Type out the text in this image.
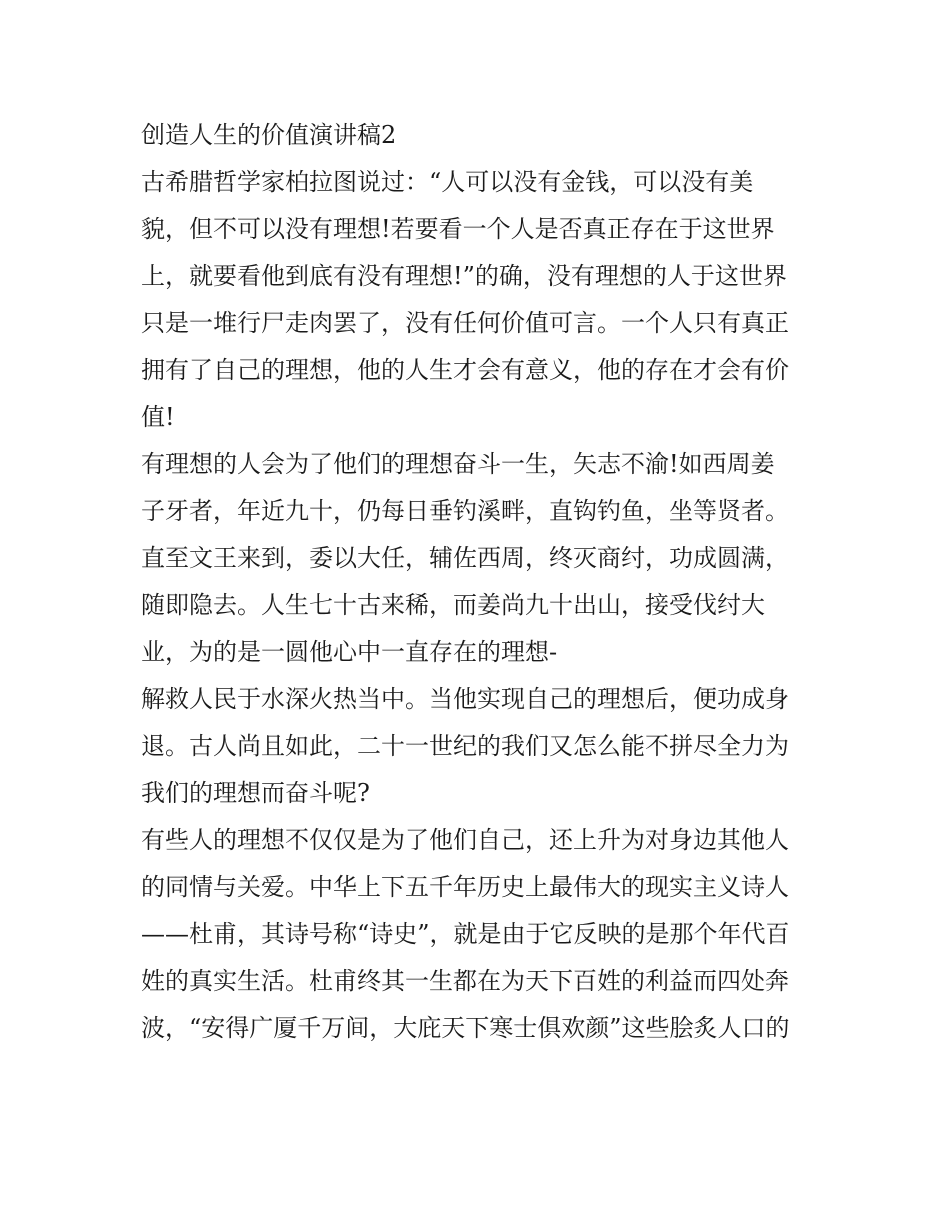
创造人生的价值演讲稿2
古希腊哲学家柏拉图说过：“人可以没有金钱，可以没有美
貌，但不可以没有理想!若要看一个人是否真正存在于这世界
上，就要看他到底有没有理想!”的确，没有理想的人于这世界
只是一堆行尸走肉罢了，没有任何价值可言。一个人只有真正
拥有了自己的理想，他的人生才会有意义，他的存在才会有价
值!
有理想的人会为了他们的理想奋斗一生，矢志不渝!如西周姜
子牙者，年近九十，仍每日垂钓溪畔，直钩钓鱼，坐等贤者。
直至文王来到，委以大任，辅佐西周，终灭商纣，功成圆满，
随即隐去。人生七十古来稀，而姜尚九十出山，接受伐纣大
业，为的是一圆他心中一直存在的理想-
解救人民于水深火热当中。当他实现自己的理想后，便功成身
退。古人尚且如此，二十一世纪的我们又怎么能不拼尽全力为
我们的理想而奋斗呢?
有些人的理想不仅仅是为了他们自己，还上升为对身边其他人
的同情与关爱。中华上下五千年历史上最伟大的现实主义诗人
——杜甫，其诗号称“诗史”，就是由于它反映的是那个年代百
姓的真实生活。杜甫终其一生都在为天下百姓的利益而四处奔
波，“安得广厦千万间，大庇天下寒士俱欢颜”这些脍炙人口的
